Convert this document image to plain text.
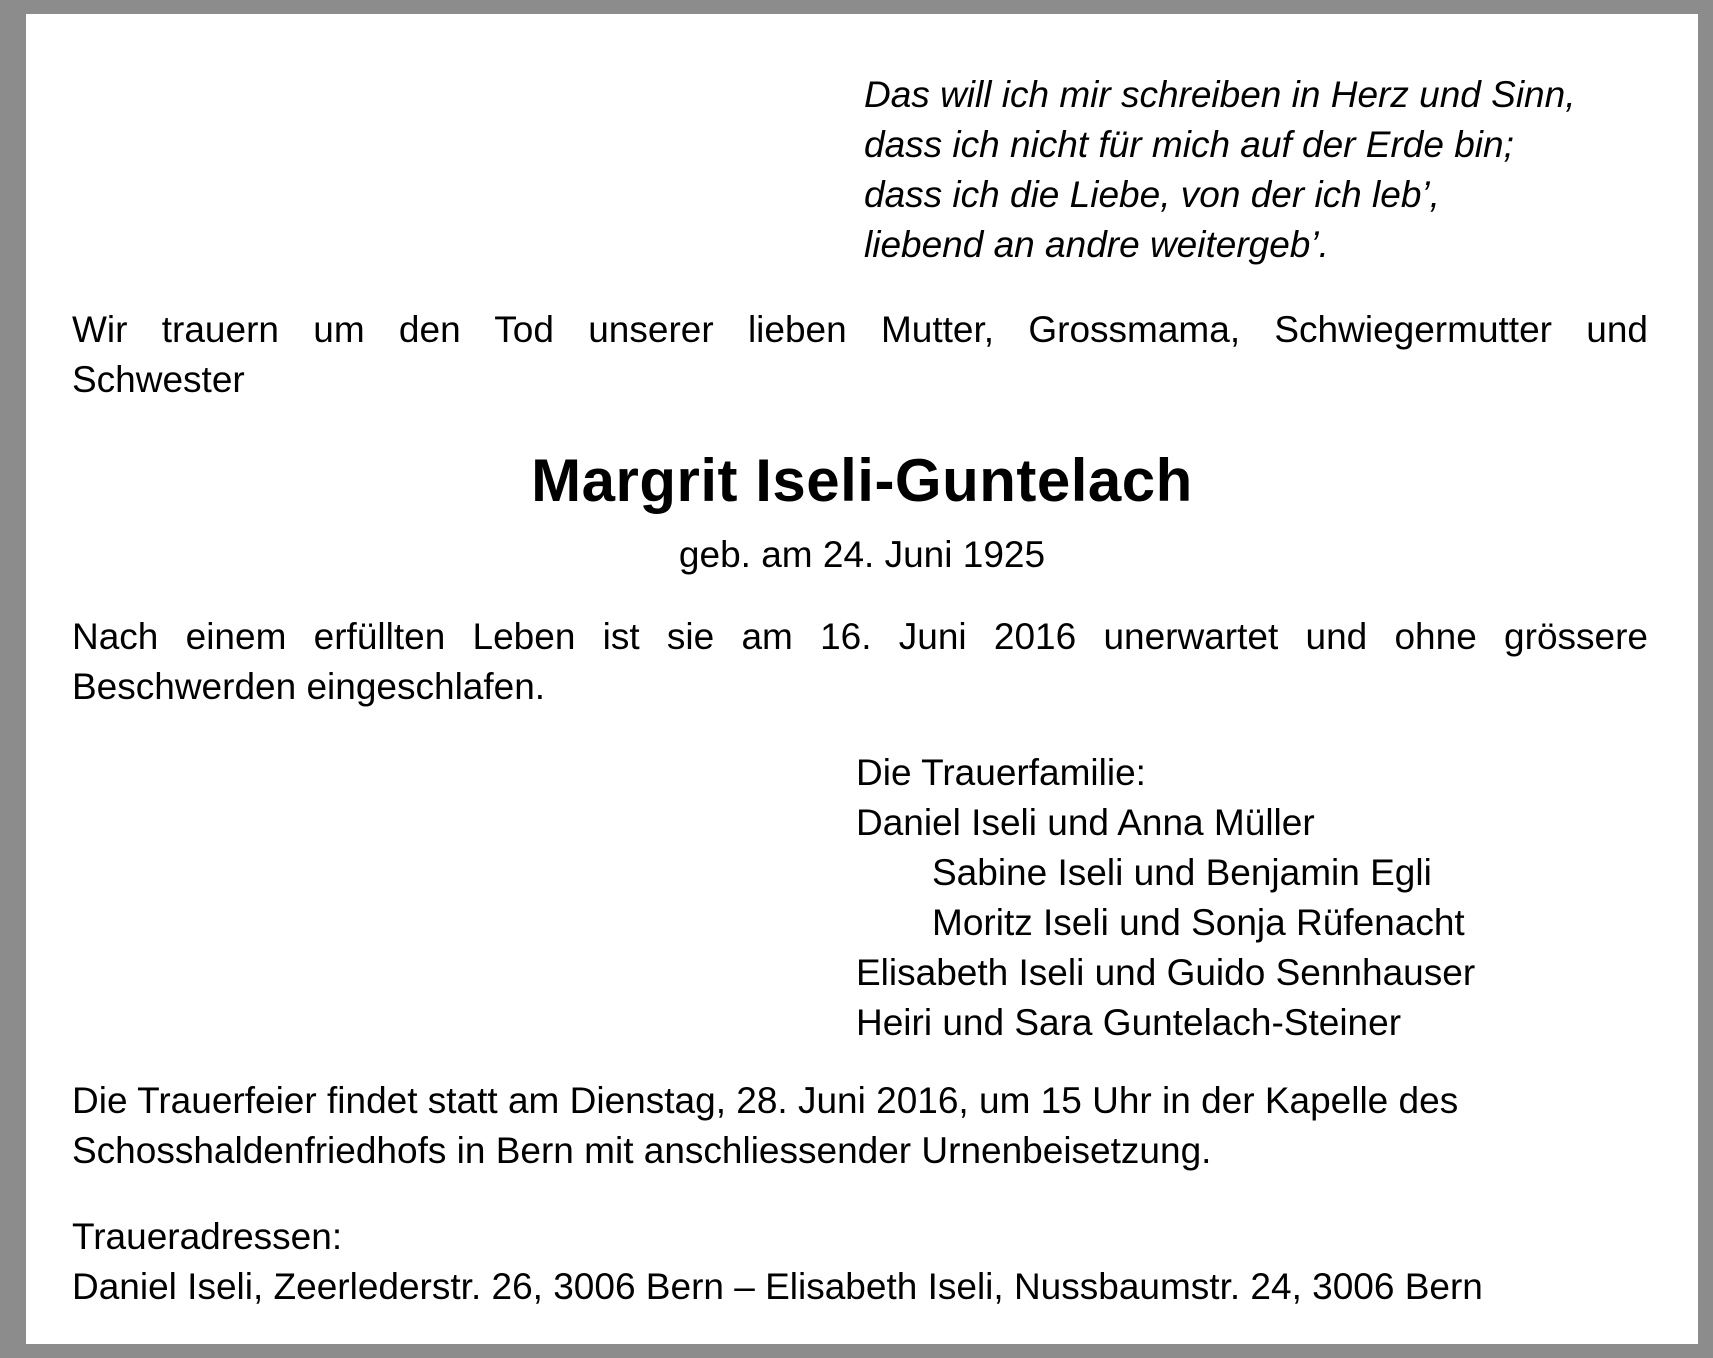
Das will ich mir schreiben in Herz und Sinn,
dass ich nicht für mich auf der Erde bin;
dass ich die Liebe, von der ich leb’,
liebend an andre weitergeb’.
Wir trauern um den Tod unserer lieben Mutter, Grossmama, Schwiegermutter und
Schwester
Margrit Iseli-Guntelach
geb. am 24. Juni 1925
Nach einem erfüllten Leben ist sie am 16. Juni 2016 unerwartet und ohne grössere
Beschwerden eingeschlafen.
Die Trauerfamilie:
Daniel Iseli und Anna Müller
Sabine Iseli und Benjamin Egli
Moritz Iseli und Sonja Rüfenacht
Elisabeth Iseli und Guido Sennhauser
Heiri und Sara Guntelach-Steiner
Die Trauerfeier findet statt am Dienstag, 28. Juni 2016, um 15 Uhr in der Kapelle des
Schosshaldenfriedhofs in Bern mit anschliessender Urnenbeisetzung.
Traueradressen:
Daniel Iseli, Zeerlederstr. 26, 3006 Bern – Elisabeth Iseli, Nussbaumstr. 24, 3006 Bern
